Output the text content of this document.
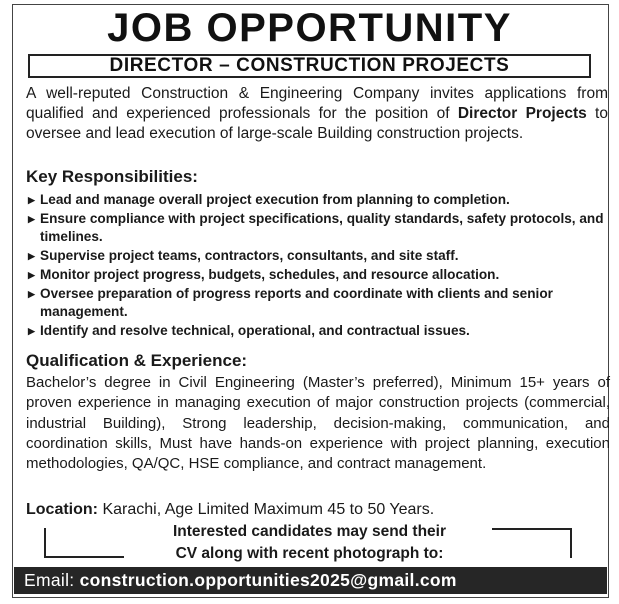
JOB OPPORTUNITY
DIRECTOR – CONSTRUCTION PROJECTS
A well-reputed Construction & Engineering Company invites applications from qualified and experienced professionals for the position of Director Projects to oversee and lead execution of large-scale Building construction projects.
Key Responsibilities:
▶ Lead and manage overall project execution from planning to completion.
▶ Ensure compliance with project specifications, quality standards, safety protocols, and timelines.
▶ Supervise project teams, contractors, consultants, and site staff.
▶ Monitor project progress, budgets, schedules, and resource allocation.
▶ Oversee preparation of progress reports and coordinate with clients and senior management.
▶ Identify and resolve technical, operational, and contractual issues.
Qualification & Experience:
Bachelor’s degree in Civil Engineering (Master’s preferred), Minimum 15+ years of proven experience in managing execution of major construction projects (commercial, industrial Building), Strong leadership, decision-making, communication, and coordination skills, Must have hands-on experience with project planning, execution methodologies, QA/QC, HSE compliance, and contract management.
Location: Karachi, Age Limited Maximum 45 to 50 Years.
Interested candidates may send their
CV along with recent photograph to:
Email: construction.opportunities2025@gmail.com
